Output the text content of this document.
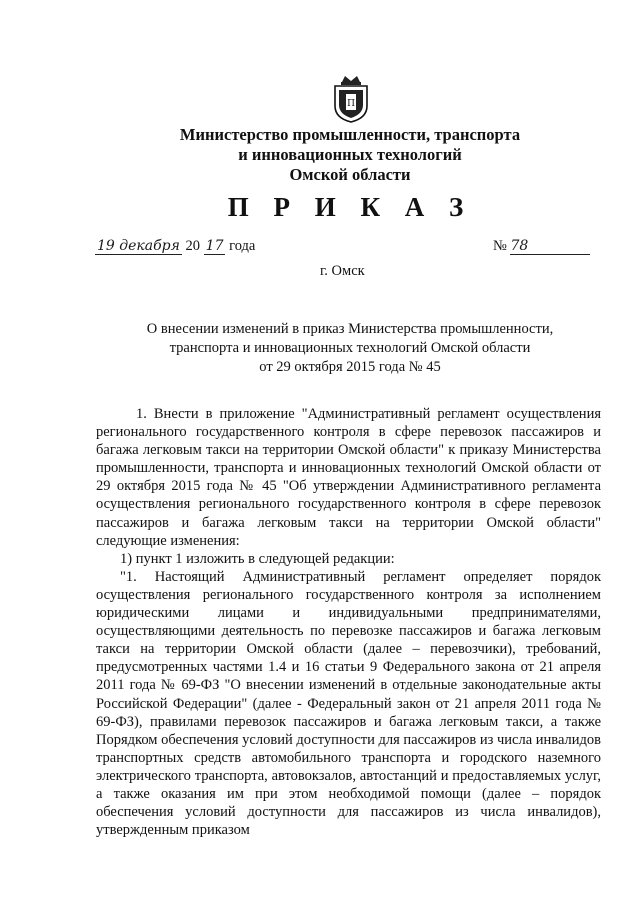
П
Министерство промышленности, транспорта
и инновационных технологий
Омской области
П Р И К А З
19 декабря 20 17 года	№ 78
г. Омск
О внесении изменений в приказ Министерства промышленности,
транспорта и инновационных технологий Омской области
от 29 октября 2015 года № 45

1. Внести в приложение "Административный регламент осуществления регионального государственного контроля в сфере перевозок пассажиров и багажа легковым такси на территории Омской области" к приказу Министерства промышленности, транспорта и инновационных технологий Омской области от 29 октября 2015 года № 45 "Об утверждении Административного регламента осуществления регионального государственного контроля в сфере перевозок пассажиров и багажа легковым такси на территории Омской области" следующие изменения:

1) пункт 1 изложить в следующей редакции:

"1. Настоящий Административный регламент определяет порядок осуществления регионального государственного контроля за исполнением юридическими лицами и индивидуальными предпринимателями, осуществляющими деятельность по перевозке пассажиров и багажа легковым такси на территории Омской области (далее – перевозчики), требований, предусмотренных частями 1.4 и 16 статьи 9 Федерального закона от 21 апреля 2011 года № 69-ФЗ "О внесении изменений в отдельные законодательные акты Российской Федерации" (далее - Федеральный закон от 21 апреля 2011 года № 69-ФЗ), правилами перевозок пассажиров и багажа легковым такси, а также Порядком обеспечения условий доступности для пассажиров из числа инвалидов транспортных средств автомобильного транспорта и городского наземного электрического транспорта, автовокзалов, автостанций и предоставляемых услуг, а также оказания им при этом необходимой помощи (далее – порядок обеспечения условий доступности для пассажиров из числа инвалидов), утвержденным приказом
